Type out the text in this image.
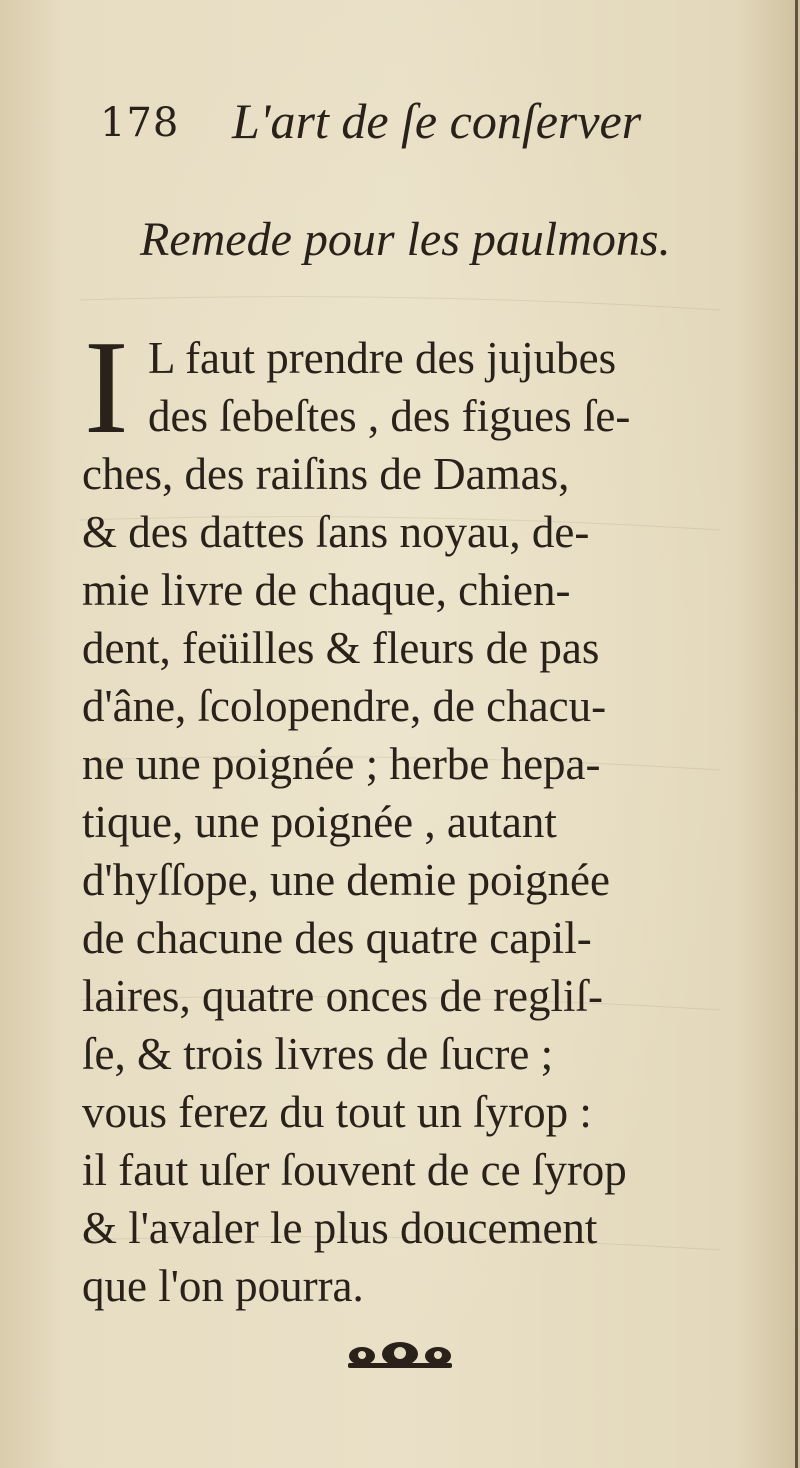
178 L'art de ſe conſerver
Remede pour les paulmons.
I L faut prendre des jujubes
des ſebeſtes , des figues ſe-
ches, des raiſins de Damas,
& des dattes ſans noyau, de-
mie livre de chaque, chien-
dent, feüilles & fleurs de pas
d'âne, ſcolopendre, de chacu-
ne une poignée ; herbe hepa-
tique, une poignée , autant
d'hyſſope, une demie poignée
de chacune des quatre capil-
laires, quatre onces de regliſ-
ſe, & trois livres de ſucre ;
vous ferez du tout un ſyrop :
il faut uſer ſouvent de ce ſyrop
& l'avaler le plus doucement
que l'on pourra.
